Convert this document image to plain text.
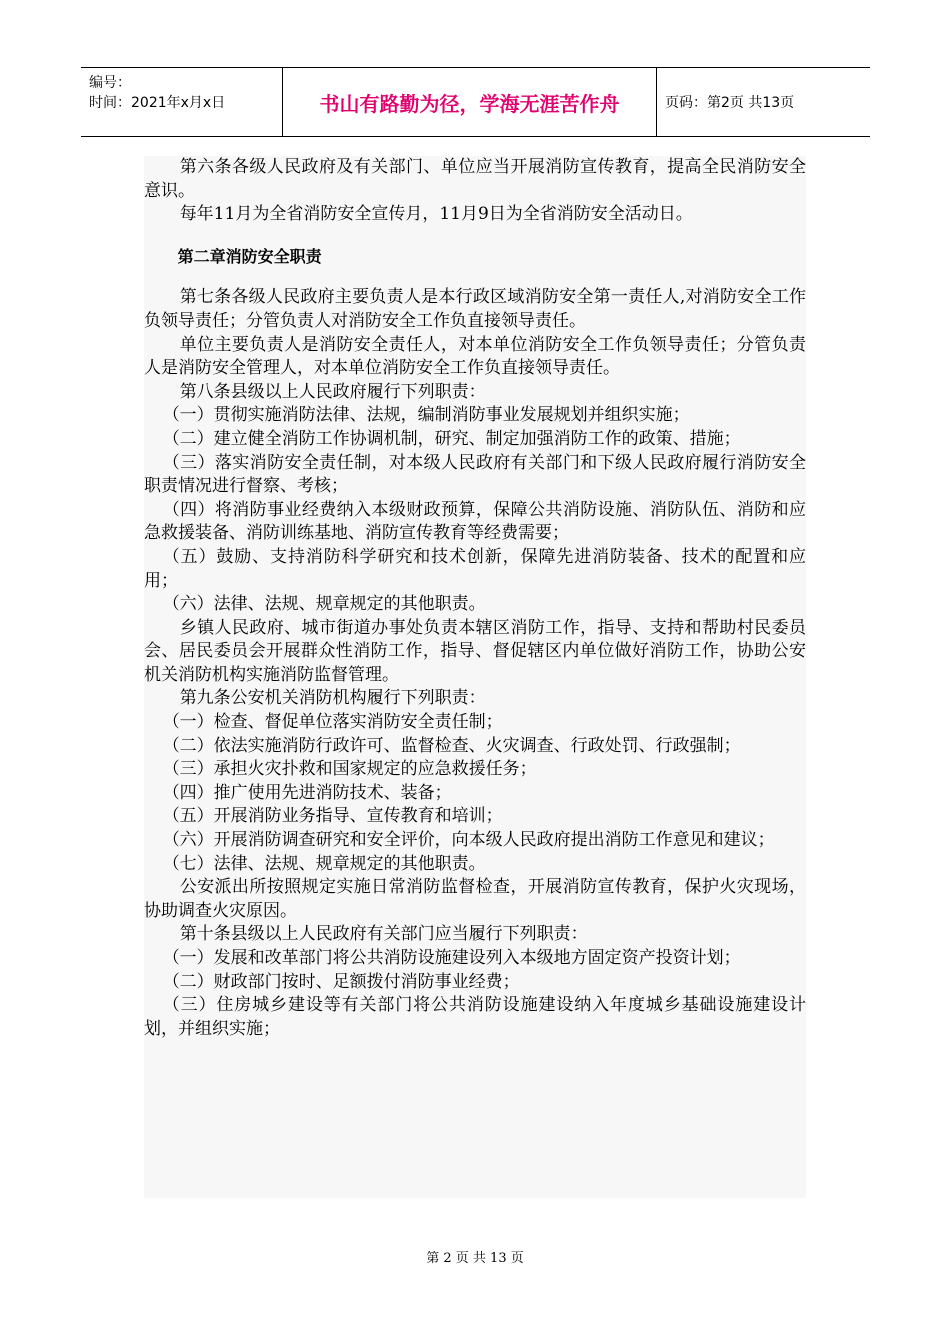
编号：
时间：2021年x月x日	书山有路勤为径，学海无涯苦作舟	页码：第2页 共13页

第六条各级人民政府及有关部门、单位应当开展消防宣传教育，提高全民消防安全意识。

每年11月为全省消防安全宣传月，11月9日为全省消防安全活动日。

第二章消防安全职责

第七条各级人民政府主要负责人是本行政区域消防安全第一责任人,对消防安全工作负领导责任；分管负责人对消防安全工作负直接领导责任。

单位主要负责人是消防安全责任人，对本单位消防安全工作负领导责任；分管负责人是消防安全管理人，对本单位消防安全工作负直接领导责任。

第八条县级以上人民政府履行下列职责：

（一）贯彻实施消防法律、法规，编制消防事业发展规划并组织实施；

（二）建立健全消防工作协调机制，研究、制定加强消防工作的政策、措施；

（三）落实消防安全责任制，对本级人民政府有关部门和下级人民政府履行消防安全职责情况进行督察、考核；

（四）将消防事业经费纳入本级财政预算，保障公共消防设施、消防队伍、消防和应急救援装备、消防训练基地、消防宣传教育等经费需要；

（五）鼓励、支持消防科学研究和技术创新，保障先进消防装备、技术的配置和应用；

（六）法律、法规、规章规定的其他职责。

乡镇人民政府、城市街道办事处负责本辖区消防工作，指导、支持和帮助村民委员会、居民委员会开展群众性消防工作，指导、督促辖区内单位做好消防工作，协助公安机关消防机构实施消防监督管理。

第九条公安机关消防机构履行下列职责：

（一）检查、督促单位落实消防安全责任制；

（二）依法实施消防行政许可、监督检查、火灾调查、行政处罚、行政强制；

（三）承担火灾扑救和国家规定的应急救援任务；

（四）推广使用先进消防技术、装备；

（五）开展消防业务指导、宣传教育和培训；

（六）开展消防调查研究和安全评价，向本级人民政府提出消防工作意见和建议；

（七）法律、法规、规章规定的其他职责。

公安派出所按照规定实施日常消防监督检查，开展消防宣传教育，保护火灾现场，协助调查火灾原因。

第十条县级以上人民政府有关部门应当履行下列职责：

（一）发展和改革部门将公共消防设施建设列入本级地方固定资产投资计划；

（二）财政部门按时、足额拨付消防事业经费；

（三）住房城乡建设等有关部门将公共消防设施建设纳入年度城乡基础设施建设计划，并组织实施；

第 2 页 共 13 页
